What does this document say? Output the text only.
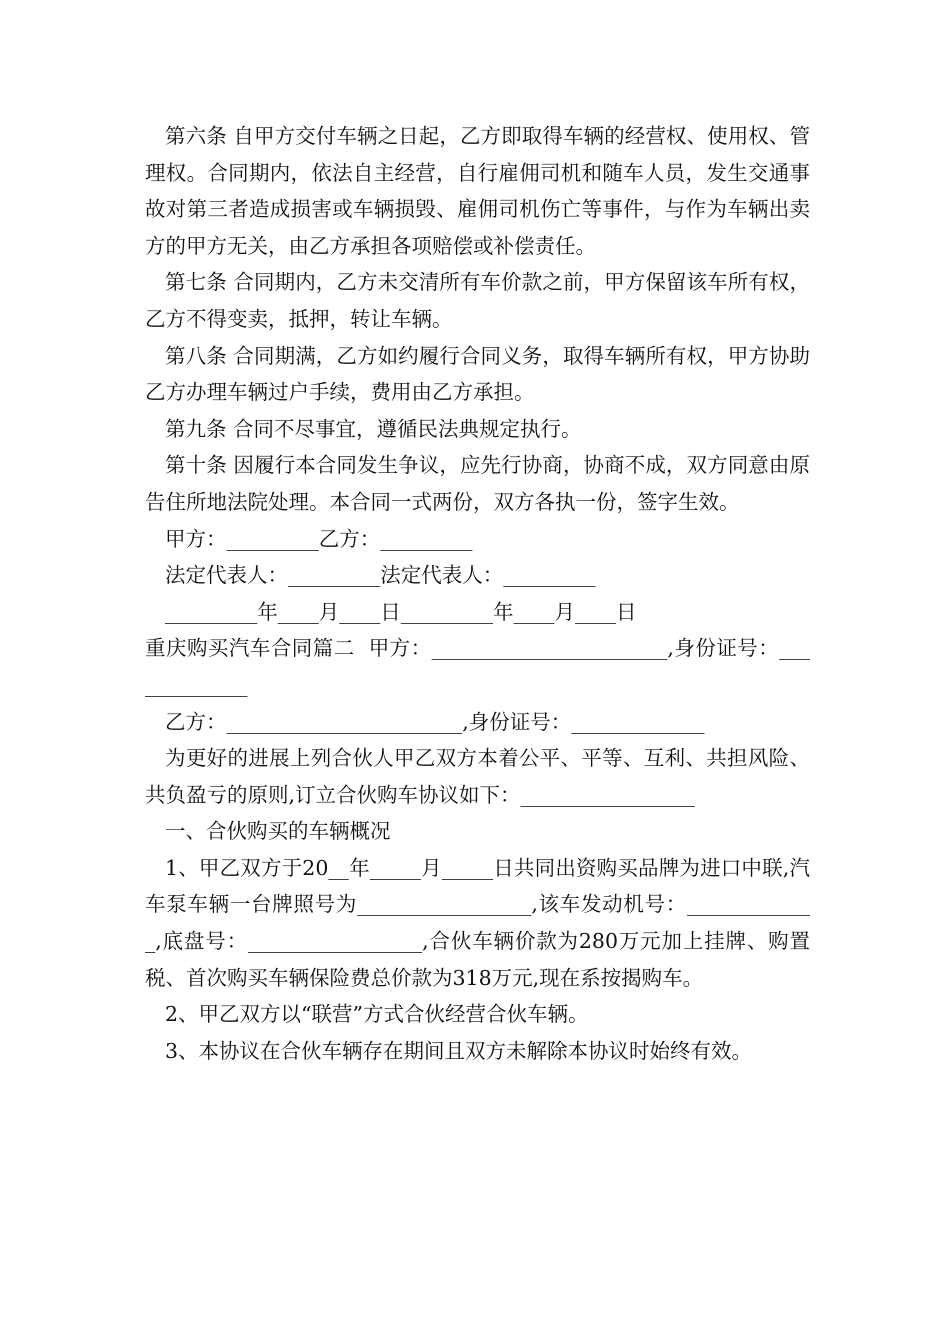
第六条 自甲方交付车辆之日起，乙方即取得车辆的经营权、使用权、管理权。合同期内，依法自主经营，自行雇佣司机和随车人员，发生交通事故对第三者造成损害或车辆损毁、雇佣司机伤亡等事件，与作为车辆出卖方的甲方无关，由乙方承担各项赔偿或补偿责任。

第七条 合同期内，乙方未交清所有车价款之前，甲方保留该车所有权，乙方不得变卖，抵押，转让车辆。

第八条 合同期满，乙方如约履行合同义务，取得车辆所有权，甲方协助乙方办理车辆过户手续，费用由乙方承担。

第九条 合同不尽事宜，遵循民法典规定执行。

第十条 因履行本合同发生争议，应先行协商，协商不成，双方同意由原告住所地法院处理。本合同一式两份，双方各执一份，签字生效。

甲方：_________乙方：_________

法定代表人：_________法定代表人：_________

_________年____月____日_________年____月____日

重庆购买汽车合同篇二  甲方：_______________________,身份证号：_____________

乙方：_______________________,身份证号：_____________

为更好的进展上列合伙人甲乙双方本着公平、平等、互利、共担风险、共负盈亏的原则,订立合伙购车协议如下：_________________

一、合伙购买的车辆概况

1、甲乙双方于20__年_____月_____日共同出资购买品牌为进口中联,汽车泵车辆一台牌照号为_________________,该车发动机号：_____________,底盘号：_________________,合伙车辆价款为280万元加上挂牌、购置税、首次购买车辆保险费总价款为318万元,现在系按揭购车。

2、甲乙双方以“联营”方式合伙经营合伙车辆。

3、本协议在合伙车辆存在期间且双方未解除本协议时始终有效。
